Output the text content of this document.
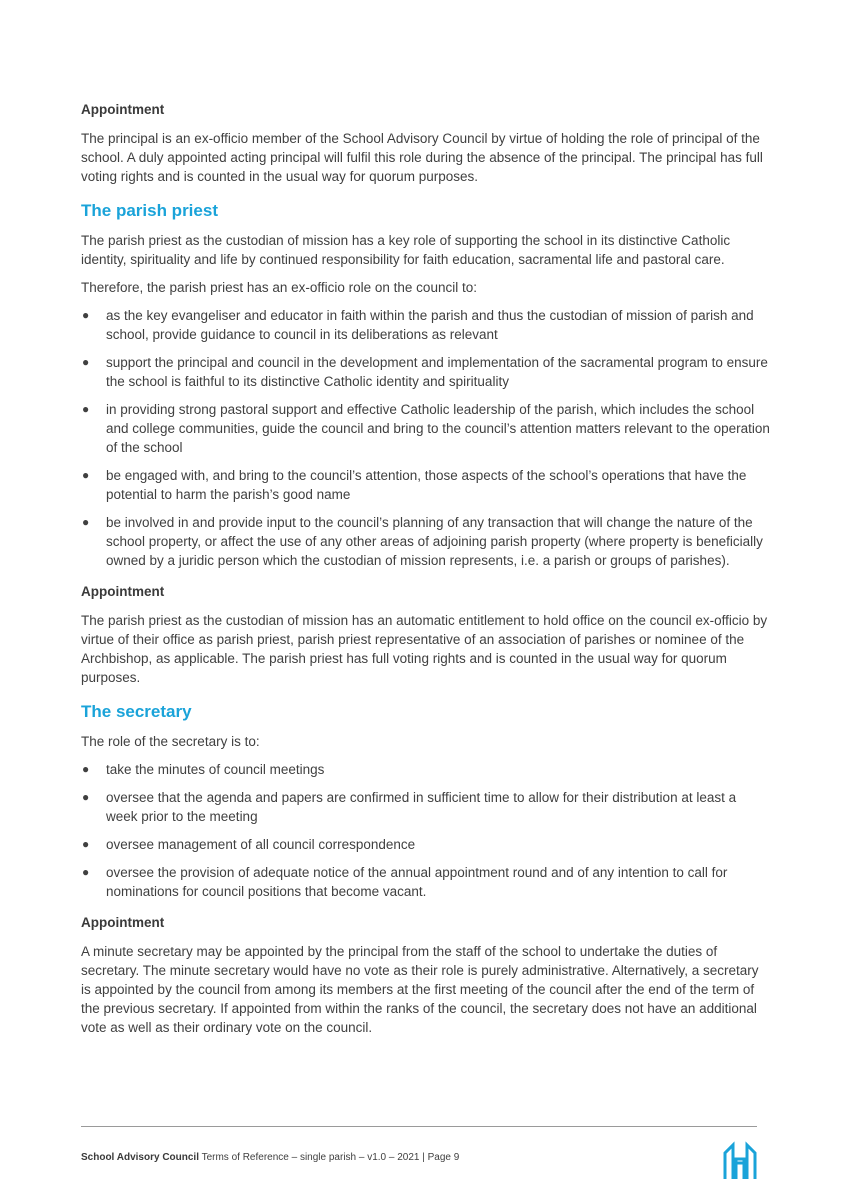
Appointment
The principal is an ex-officio member of the School Advisory Council by virtue of holding the role of principal of the school. A duly appointed acting principal will fulfil this role during the absence of the principal. The principal has full voting rights and is counted in the usual way for quorum purposes.
The parish priest
The parish priest as the custodian of mission has a key role of supporting the school in its distinctive Catholic identity, spirituality and life by continued responsibility for faith education, sacramental life and pastoral care.
Therefore, the parish priest has an ex-officio role on the council to:
● as the key evangeliser and educator in faith within the parish and thus the custodian of mission of parish and school, provide guidance to council in its deliberations as relevant
● support the principal and council in the development and implementation of the sacramental program to ensure the school is faithful to its distinctive Catholic identity and spirituality
● in providing strong pastoral support and effective Catholic leadership of the parish, which includes the school and college communities, guide the council and bring to the council’s attention matters relevant to the operation of the school
● be engaged with, and bring to the council’s attention, those aspects of the school’s operations that have the potential to harm the parish’s good name
● be involved in and provide input to the council’s planning of any transaction that will change the nature of the school property, or affect the use of any other areas of adjoining parish property (where property is beneficially owned by a juridic person which the custodian of mission represents, i.e. a parish or groups of parishes).
Appointment
The parish priest as the custodian of mission has an automatic entitlement to hold office on the council ex-officio by virtue of their office as parish priest, parish priest representative of an association of parishes or nominee of the Archbishop, as applicable. The parish priest has full voting rights and is counted in the usual way for quorum purposes.
The secretary
The role of the secretary is to:
● take the minutes of council meetings
● oversee that the agenda and papers are confirmed in sufficient time to allow for their distribution at least a week prior to the meeting
● oversee management of all council correspondence
● oversee the provision of adequate notice of the annual appointment round and of any intention to call for nominations for council positions that become vacant.
Appointment
A minute secretary may be appointed by the principal from the staff of the school to undertake the duties of secretary. The minute secretary would have no vote as their role is purely administrative. Alternatively, a secretary is appointed by the council from among its members at the first meeting of the council after the end of the term of the previous secretary. If appointed from within the ranks of the council, the secretary does not have an additional vote as well as their ordinary vote on the council.
School Advisory Council Terms of Reference – single parish – v1.0 – 2021 | Page 9
